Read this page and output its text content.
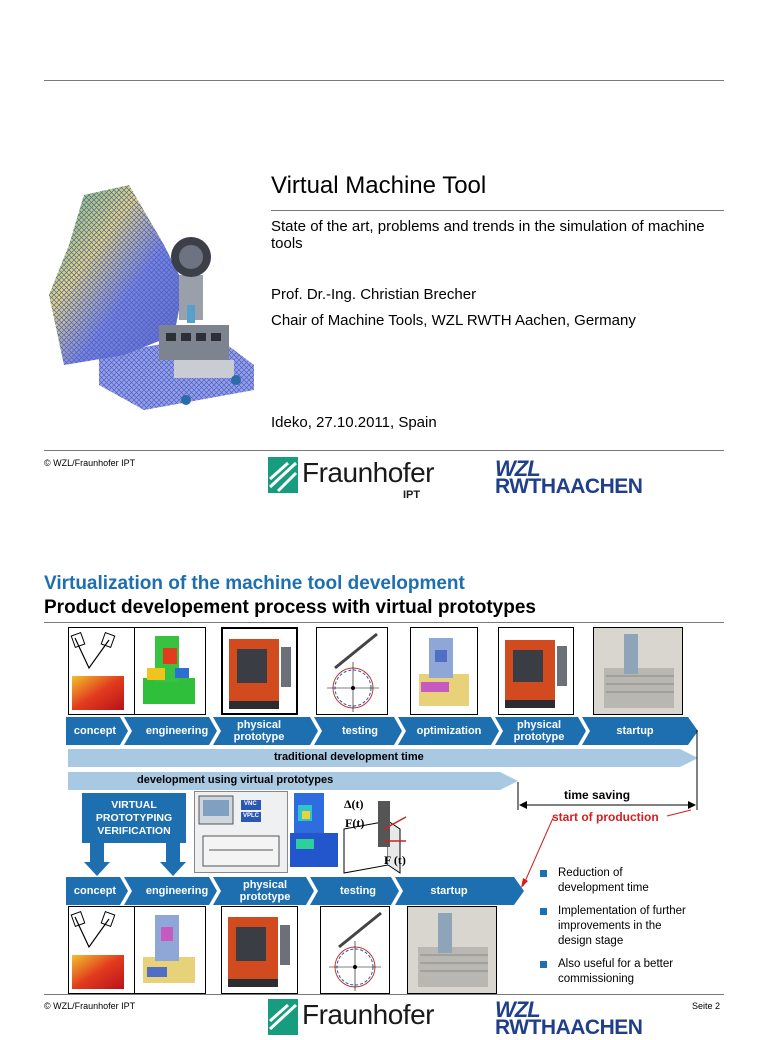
Virtual Machine Tool
State of the art, problems and trends in the simulation of machine tools
Prof. Dr.-Ing. Christian Brecher
Chair of Machine Tools, WZL RWTH Aachen, Germany
Ideko, 27.10.2011, Spain
© WZL/Fraunhofer IPT	Fraunhofer
IPT
WZL
RWTHAACHEN
Virtualization of the machine tool development
Product developement process with virtual prototypes
concept	engineering	physical prototype	testing	optimization	physical prototype	startup
traditional development time
development using virtual prototypes
time saving
start of production
VIRTUAL PROTOTYPING VERIFICATION
VNC
VPLC
Δ(t)
F(t)
F (t)
concept	engineering	physical prototype	testing	startup
Reduction of development time
Implementation of further improvements in the design stage
Also useful for a better commissioning
© WZL/Fraunhofer IPT	Seite 2
Fraunhofer	WZL
RWTHAACHEN
